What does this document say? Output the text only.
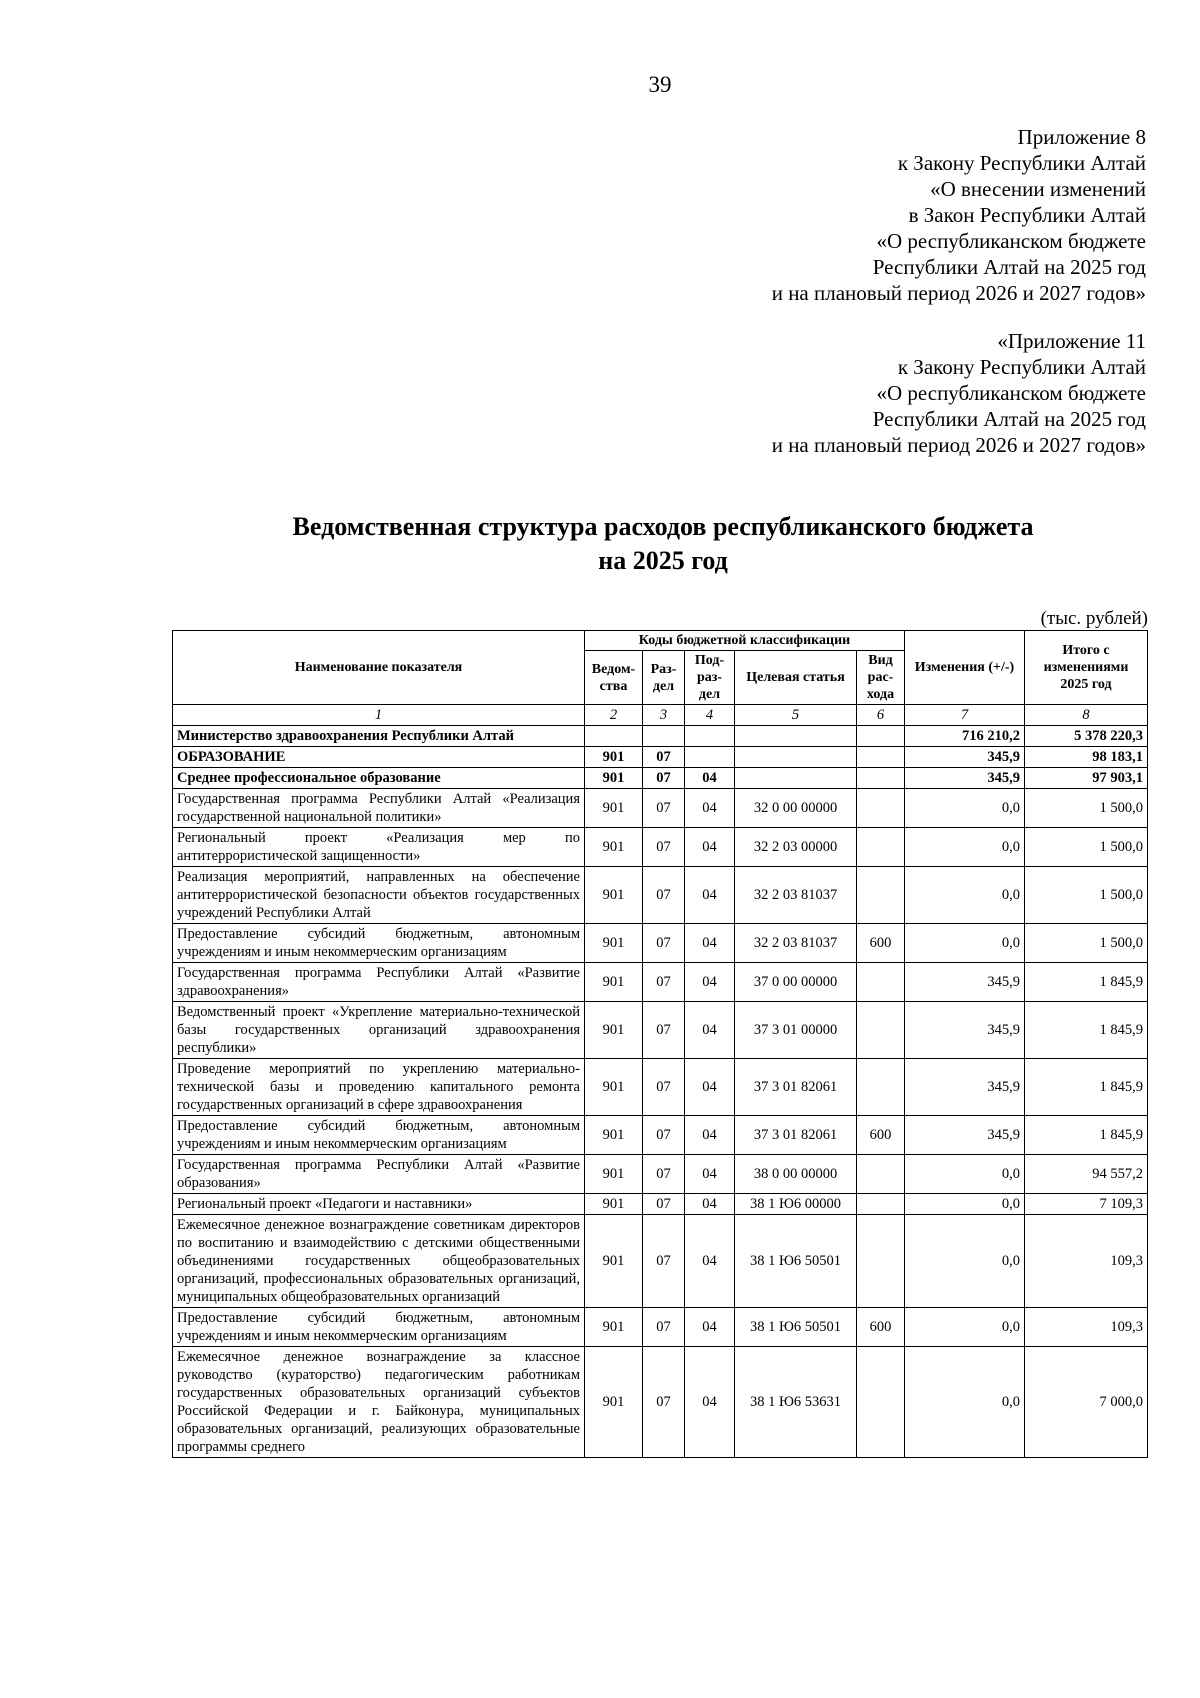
39
Приложение 8
к Закону Республики Алтай
«О внесении изменений
в Закон Республики Алтай
«О республиканском бюджете
Республики Алтай на 2025 год
и на плановый период 2026 и 2027 годов»
«Приложение 11
к Закону Республики Алтай
«О республиканском бюджете
Республики Алтай на 2025 год
и на плановый период 2026 и 2027 годов»
Ведомственная структура расходов республиканского бюджета
на 2025 год
(тыс. рублей)
Наименование показателя	Коды бюджетной классификации					Изменения (+/-)	Итого с изменениями 2025 год
	Ведом-ства	Раз-дел	Под-раз-дел	Целевая статья	Вид рас-хода		
1	2	3	4	5	6	7	8
Министерство здравоохранения Республики Алтай						716 210,2	5 378 220,3
ОБРАЗОВАНИЕ	901	07				345,9	98 183,1
Среднее профессиональное образование	901	07	04			345,9	97 903,1
Государственная программа Республики Алтай «Реализация государственной национальной политики»	901	07	04	32 0 00 00000		0,0	1 500,0
Региональный проект «Реализация мер по антитеррористической защищенности»	901	07	04	32 2 03 00000		0,0	1 500,0
Реализация мероприятий, направленных на обеспечение антитеррористической безопасности объектов государственных учреждений Республики Алтай	901	07	04	32 2 03 81037		0,0	1 500,0
Предоставление субсидий бюджетным, автономным учреждениям и иным некоммерческим организациям	901	07	04	32 2 03 81037	600	0,0	1 500,0
Государственная программа Республики Алтай «Развитие здравоохранения»	901	07	04	37 0 00 00000		345,9	1 845,9
Ведомственный проект «Укрепление материально-технической базы государственных организаций здравоохранения республики»	901	07	04	37 3 01 00000		345,9	1 845,9
Проведение мероприятий по укреплению материально-технической базы и проведению капитального ремонта государственных организаций в сфере здравоохранения	901	07	04	37 3 01 82061		345,9	1 845,9
Предоставление субсидий бюджетным, автономным учреждениям и иным некоммерческим организациям	901	07	04	37 3 01 82061	600	345,9	1 845,9
Государственная программа Республики Алтай «Развитие образования»	901	07	04	38 0 00 00000		0,0	94 557,2
Региональный проект «Педагоги и наставники»	901	07	04	38 1 Ю6 00000		0,0	7 109,3
Ежемесячное денежное вознаграждение советникам директоров по воспитанию и взаимодействию с детскими общественными объединениями государственных общеобразовательных организаций, профессиональных образовательных организаций, муниципальных общеобразовательных организаций	901	07	04	38 1 Ю6 50501		0,0	109,3
Предоставление субсидий бюджетным, автономным учреждениям и иным некоммерческим организациям	901	07	04	38 1 Ю6 50501	600	0,0	109,3
Ежемесячное денежное вознаграждение за классное руководство (кураторство) педагогическим работникам государственных образовательных организаций субъектов Российской Федерации и г. Байконура, муниципальных образовательных организаций, реализующих образовательные программы среднего	901	07	04	38 1 Ю6 53631		0,0	7 000,0
